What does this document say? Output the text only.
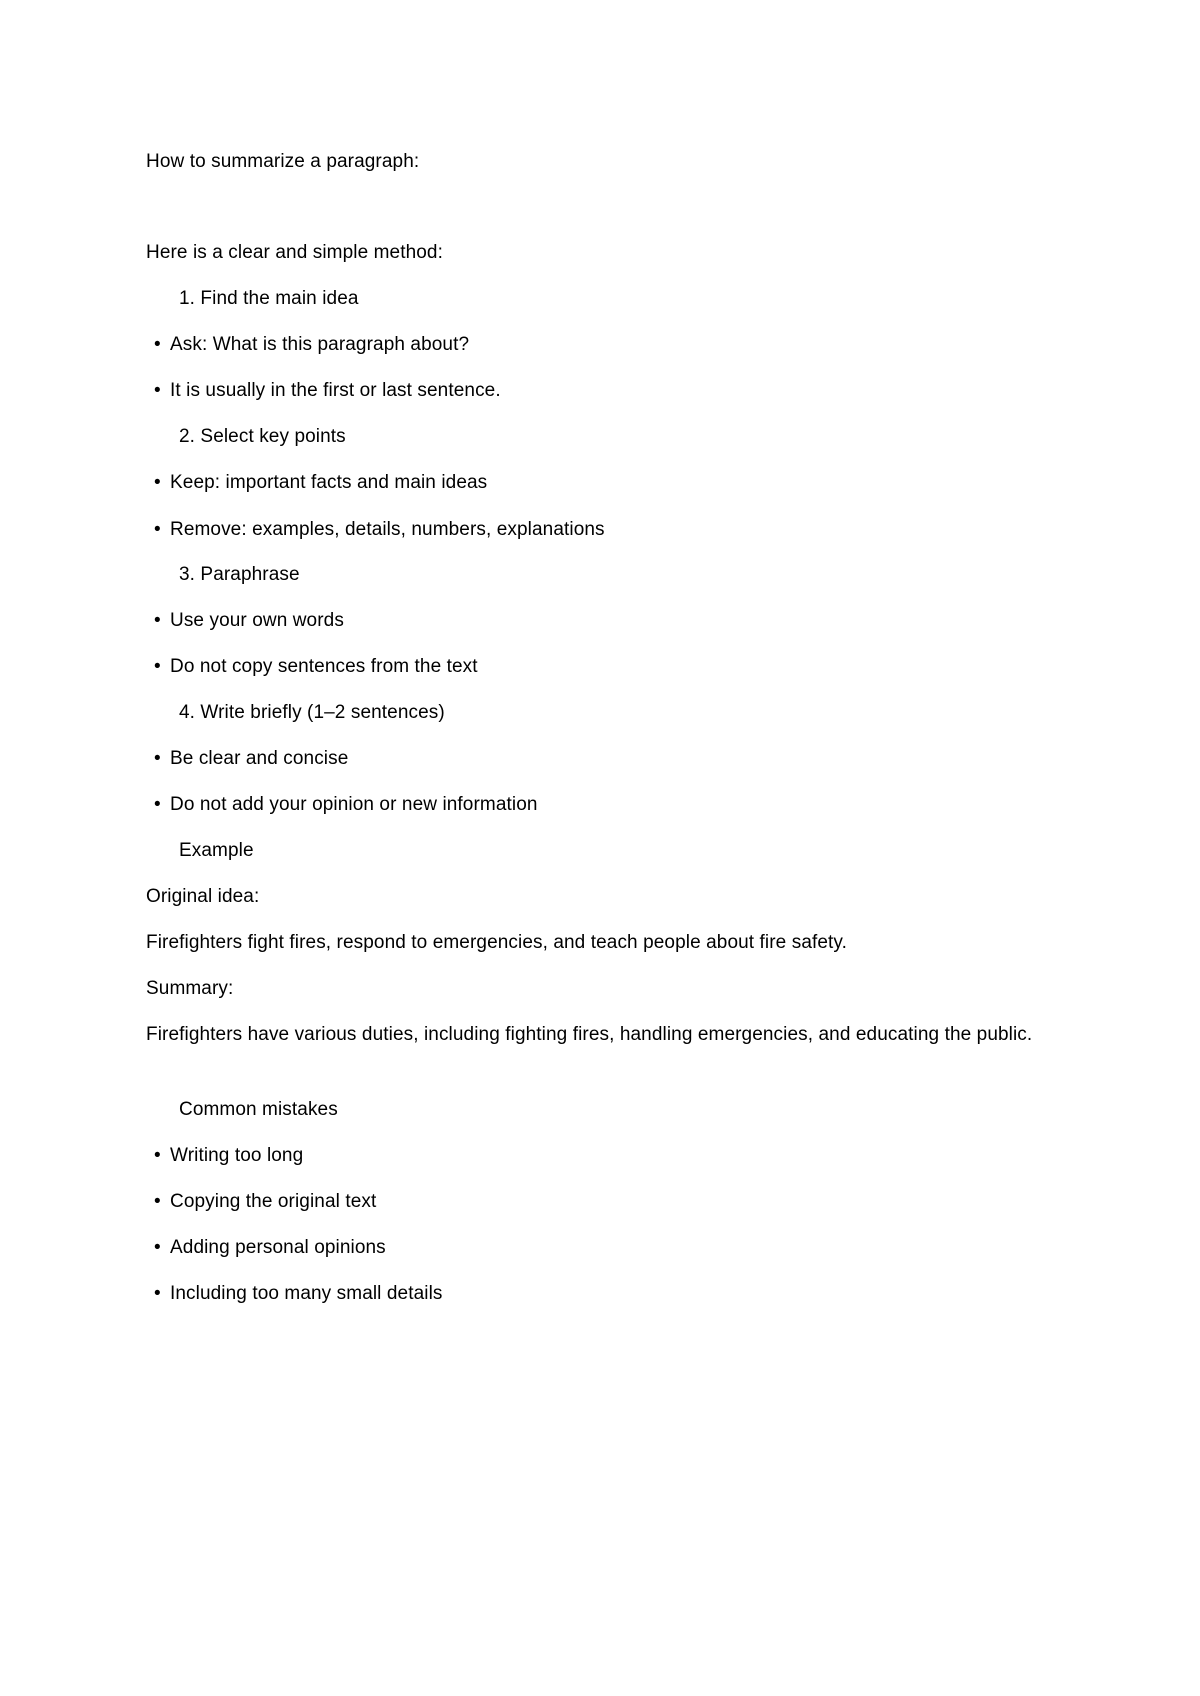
How to summarize a paragraph:
Here is a clear and simple method:
1. Find the main idea
• Ask: What is this paragraph about?
• It is usually in the first or last sentence.
2. Select key points
• Keep: important facts and main ideas
• Remove: examples, details, numbers, explanations
3. Paraphrase
• Use your own words
• Do not copy sentences from the text
4. Write briefly (1–2 sentences)
• Be clear and concise
• Do not add your opinion or new information
Example
Original idea:
Firefighters fight fires, respond to emergencies, and teach people about fire safety.
Summary:
Firefighters have various duties, including fighting fires, handling emergencies, and educating the public.
Common mistakes
• Writing too long
• Copying the original text
• Adding personal opinions
• Including too many small details
